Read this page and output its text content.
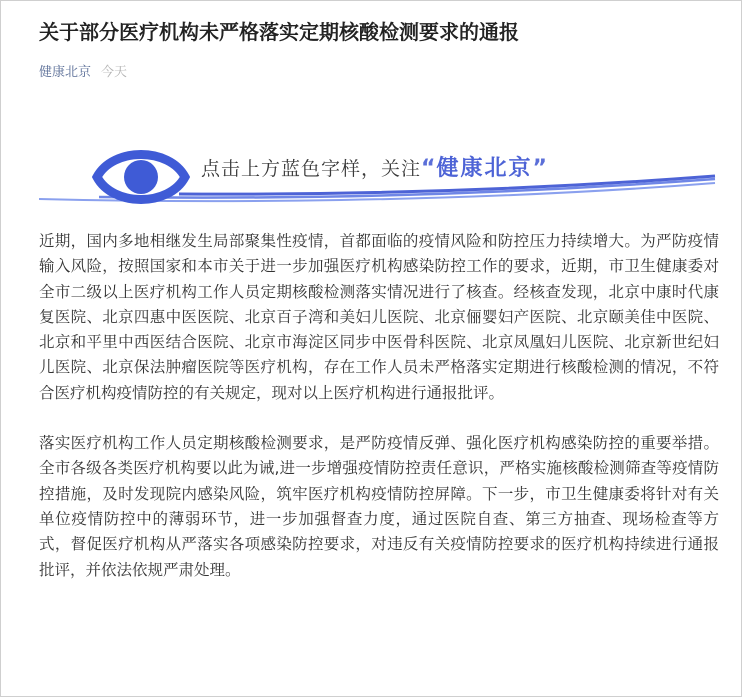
关于部分医疗机构未严格落实定期核酸检测要求的通报
健康北京 今天
点击上方蓝色字样，关注“健康北京”

近期，国内多地相继发生局部聚集性疫情，首都面临的疫情风险和防控压力持续增大。为严防疫情输入风险，按照国家和本市关于进一步加强医疗机构感染防控工作的要求，近期，市卫生健康委对全市二级以上医疗机构工作人员定期核酸检测落实情况进行了核查。经核查发现，北京中康时代康复医院、北京四惠中医医院、北京百子湾和美妇儿医院、北京俪婴妇产医院、北京颐美佳中医院、北京和平里中西医结合医院、北京市海淀区同步中医骨科医院、北京凤凰妇儿医院、北京新世纪妇儿医院、北京保法肿瘤医院等医疗机构，存在工作人员未严格落实定期进行核酸检测的情况，不符合医疗机构疫情防控的有关规定，现对以上医疗机构进行通报批评。

落实医疗机构工作人员定期核酸检测要求，是严防疫情反弹、强化医疗机构感染防控的重要举措。全市各级各类医疗机构要以此为诫,进一步增强疫情防控责任意识，严格实施核酸检测筛查等疫情防控措施，及时发现院内感染风险，筑牢医疗机构疫情防控屏障。下一步，市卫生健康委将针对有关单位疫情防控中的薄弱环节，进一步加强督查力度，通过医院自查、第三方抽查、现场检查等方式，督促医疗机构从严落实各项感染防控要求，对违反有关疫情防控要求的医疗机构持续进行通报批评，并依法依规严肃处理。
